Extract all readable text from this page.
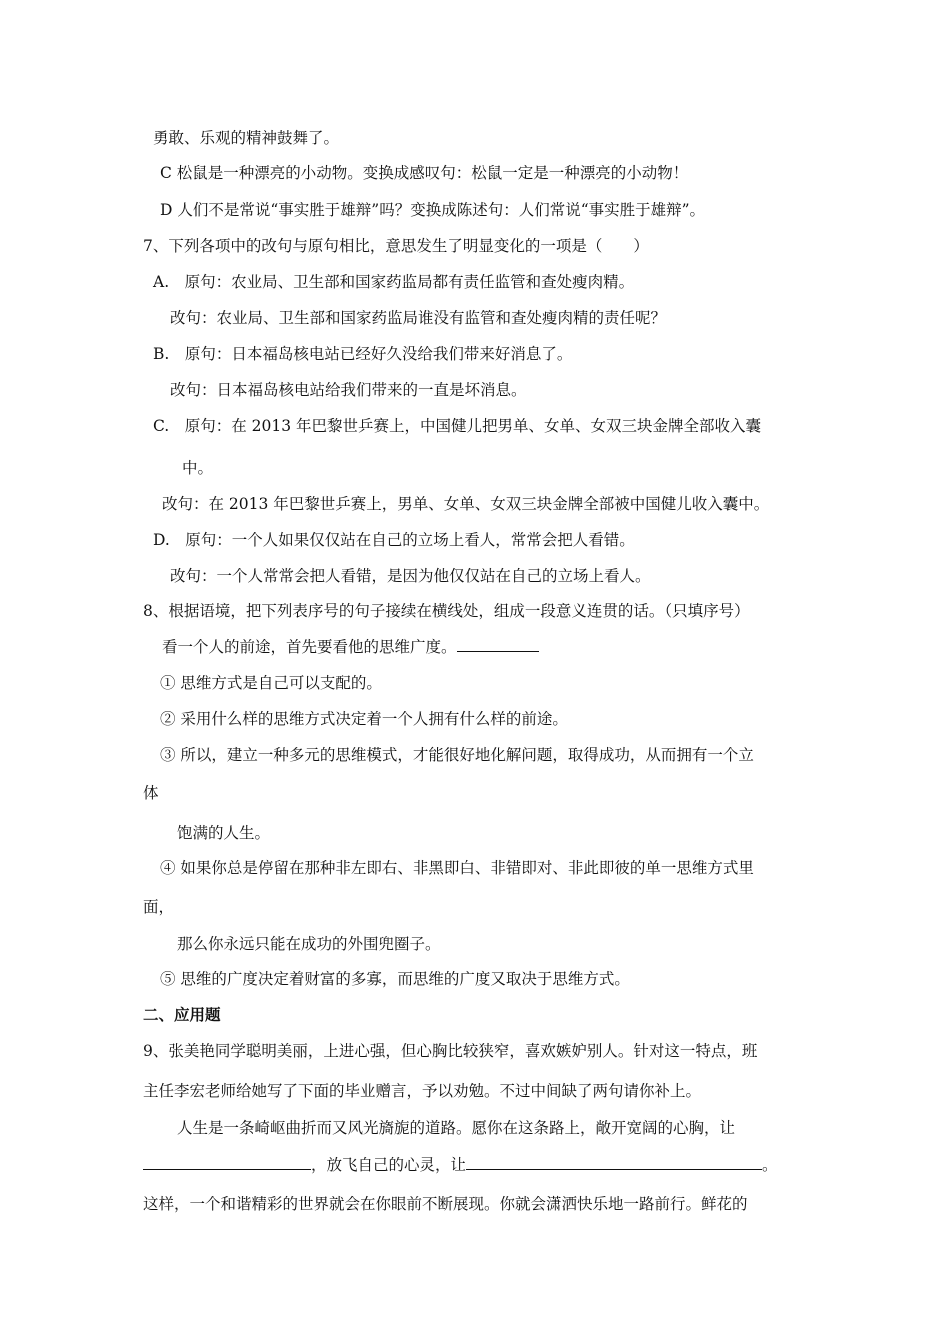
勇敢、乐观的精神鼓舞了。
C 松鼠是一种漂亮的小动物。变换成感叹句：松鼠一定是一种漂亮的小动物！
D 人们不是常说“事实胜于雄辩”吗？变换成陈述句：人们常说“事实胜于雄辩”。
7、下列各项中的改句与原句相比，意思发生了明显变化的一项是（　　）
A.　原句：农业局、卫生部和国家药监局都有责任监管和查处瘦肉精。
改句：农业局、卫生部和国家药监局谁没有监管和查处瘦肉精的责任呢？
B.　原句：日本福岛核电站已经好久没给我们带来好消息了。
改句：日本福岛核电站给我们带来的一直是坏消息。
C.　原句：在 2013 年巴黎世乒赛上，中国健儿把男单、女单、女双三块金牌全部收入囊
中。
改句：在 2013 年巴黎世乒赛上，男单、女单、女双三块金牌全部被中国健儿收入囊中。
D.　原句：一个人如果仅仅站在自己的立场上看人，常常会把人看错。
改句：一个人常常会把人看错，是因为他仅仅站在自己的立场上看人。
8、根据语境，把下列表序号的句子接续在横线处，组成一段意义连贯的话。（只填序号）
看一个人的前途，首先要看他的思维广度。
① 思维方式是自己可以支配的。
② 采用什么样的思维方式决定着一个人拥有什么样的前途。
③ 所以，建立一种多元的思维模式，才能很好地化解问题，取得成功，从而拥有一个立
体
饱满的人生。
④ 如果你总是停留在那种非左即右、非黑即白、非错即对、非此即彼的单一思维方式里
面，
那么你永远只能在成功的外围兜圈子。
⑤ 思维的广度决定着财富的多寡，而思维的广度又取决于思维方式。
二、应用题
9、张美艳同学聪明美丽，上进心强，但心胸比较狭窄，喜欢嫉妒别人。针对这一特点，班
主任李宏老师给她写了下面的毕业赠言，予以劝勉。不过中间缺了两句请你补上。
人生是一条崎岖曲折而又风光旖旎的道路。愿你在这条路上，敞开宽阔的心胸，让
，放飞自己的心灵，让	。
这样，一个和谐精彩的世界就会在你眼前不断展现。你就会潇洒快乐地一路前行。鲜花的
